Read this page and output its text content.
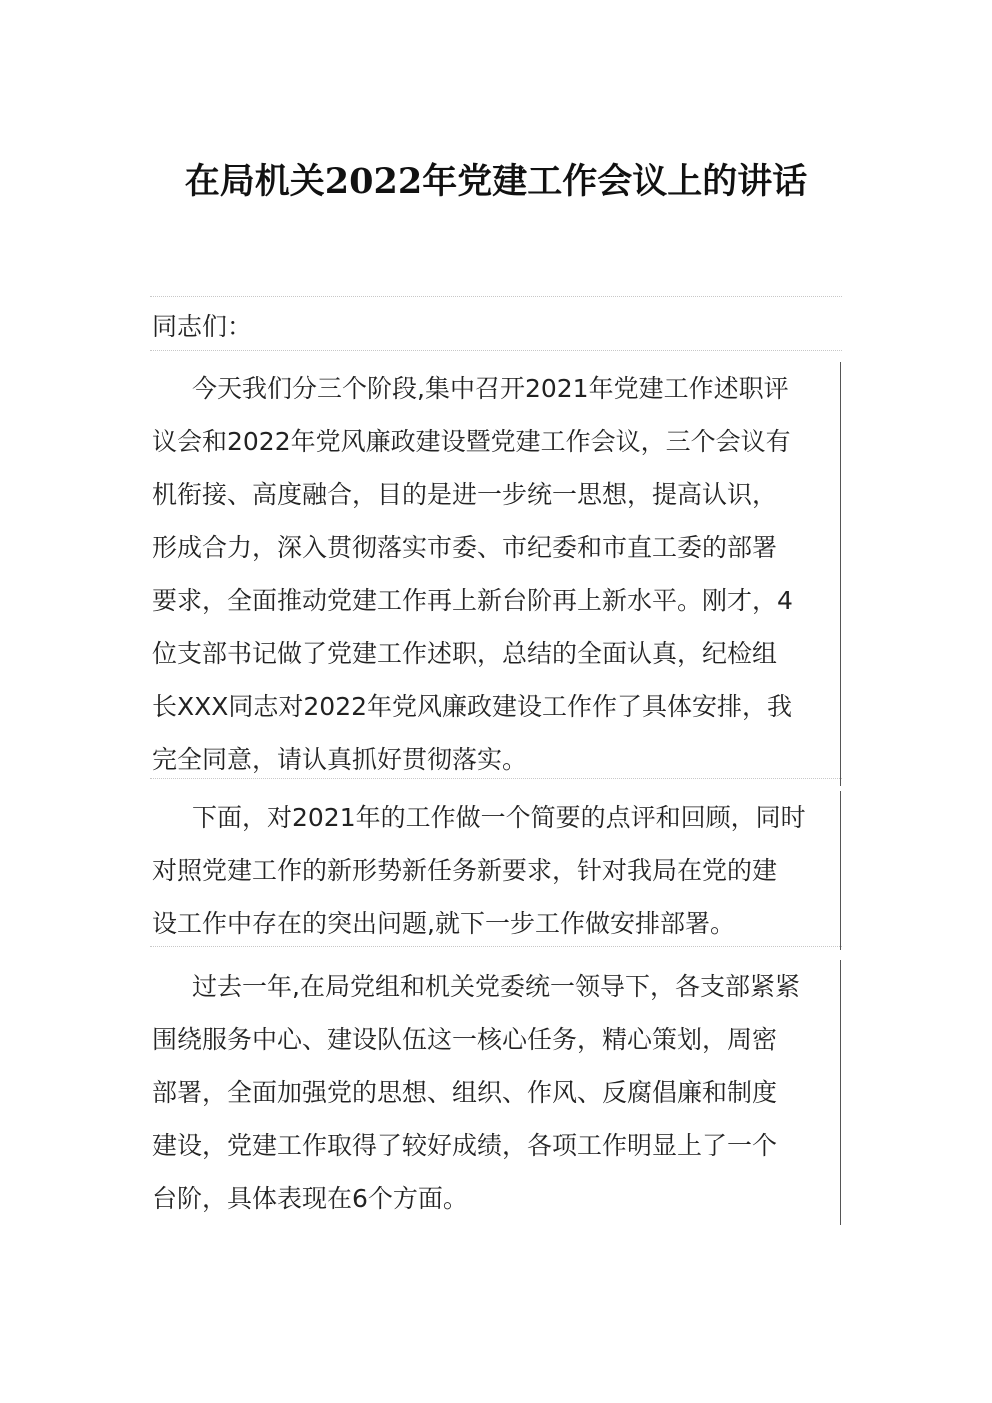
在局机关2022年党建工作会议上的讲话
同志们：
今天我们分三个阶段,集中召开2021年党建工作述职评
议会和2022年党风廉政建设暨党建工作会议，三个会议有
机衔接、高度融合，目的是进一步统一思想，提高认识，
形成合力，深入贯彻落实市委、市纪委和市直工委的部署
要求，全面推动党建工作再上新台阶再上新水平。刚才，4
位支部书记做了党建工作述职，总结的全面认真，纪检组
长XXX同志对2022年党风廉政建设工作作了具体安排，我
完全同意，请认真抓好贯彻落实。
下面，对2021年的工作做一个简要的点评和回顾，同时
对照党建工作的新形势新任务新要求，针对我局在党的建
设工作中存在的突出问题,就下一步工作做安排部署。
过去一年,在局党组和机关党委统一领导下，各支部紧紧
围绕服务中心、建设队伍这一核心任务，精心策划，周密
部署，全面加强党的思想、组织、作风、反腐倡廉和制度
建设，党建工作取得了较好成绩，各项工作明显上了一个
台阶，具体表现在6个方面。
